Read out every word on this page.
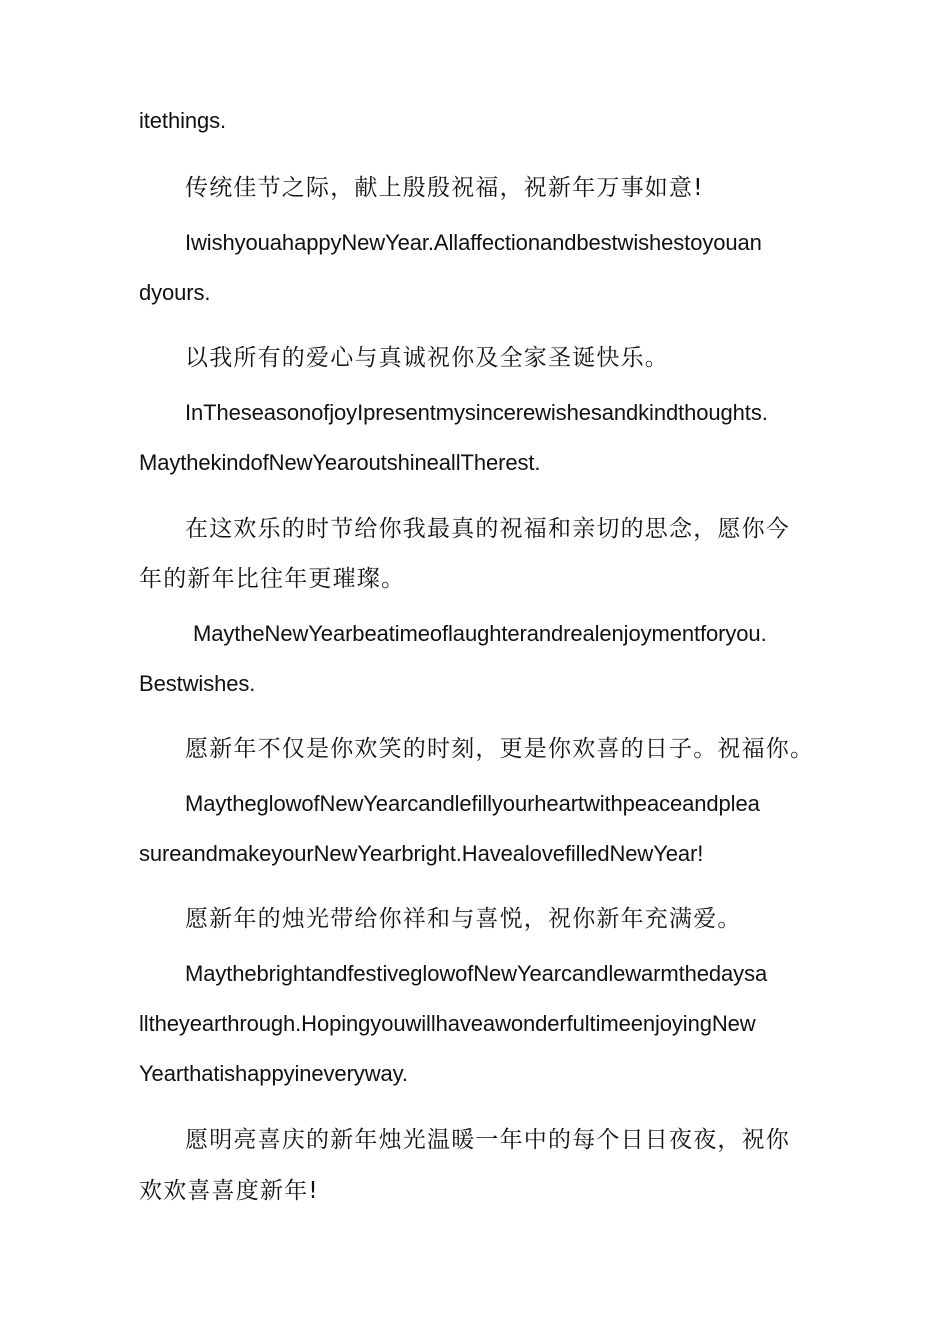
itethings.
传统佳节之际，献上殷殷祝福，祝新年万事如意!
IwishyouahappyNewYear.Allaffectionandbestwishestoyouan
dyours.
以我所有的爱心与真诚祝你及全家圣诞快乐。
InTheseasonofjoyIpresentmysincerewishesandkindthoughts.
MaythekindofNewYearoutshineallTherest.
在这欢乐的时节给你我最真的祝福和亲切的思念，愿你今
年的新年比往年更璀璨。
MaytheNewYearbeatimeoflaughterandrealenjoymentforyou.
Bestwishes.
愿新年不仅是你欢笑的时刻，更是你欢喜的日子。祝福你。
MaytheglowofNewYearcandlefillyourheartwithpeaceandplea
sureandmakeyourNewYearbright.HavealovefilledNewYear!
愿新年的烛光带给你祥和与喜悦，祝你新年充满爱。
MaythebrightandfestiveglowofNewYearcandlewarmthedaysa
lltheyearthrough.HopingyouwillhaveawonderfultimeenjoyingNew
Yearthatishappyineveryway.
愿明亮喜庆的新年烛光温暖一年中的每个日日夜夜，祝你
欢欢喜喜度新年!
